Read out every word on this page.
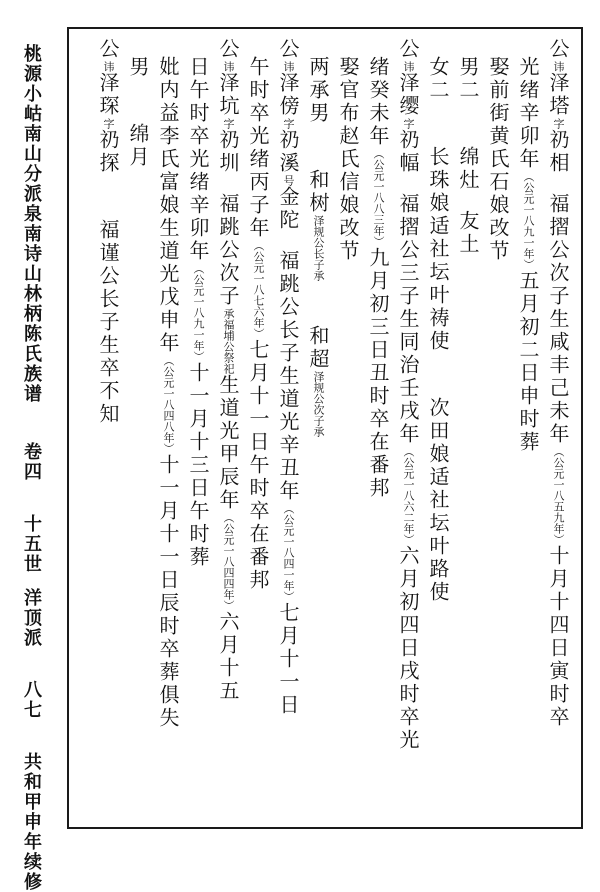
桃源小岵南山分派泉南诗山林柄陈氏族谱卷四十五世洋顶派八七共和甲申年续修
公讳泽塔字礽相福摺公次子生咸丰己未年（公元一八五九年）十月十四日寅时卒
光绪辛卯年（公元一八九一年）五月初二日申时葬
娶前街黄氏石娘改节
男二绵灶友土
女二长珠娘适社坛叶祷使次田娘适社坛叶路使
公讳泽缨字礽幅福摺公三子生同治壬戌年（公元一八六二年）六月初四日戌时卒光
绪癸未年（公元一八八三年）九月初三日丑时卒在番邦
娶官布赵氏信娘改节
两承男和树泽规公长子承和超泽规公次子承
公讳泽傍字礽溪号金陀福跳公长子生道光辛丑年（公元一八四一年）七月十一日
午时卒光绪丙子年（公元一八七六年）七月十一日午时卒在番邦
公讳泽坑字礽圳福跳公次子承福埔公祭祀生道光甲辰年（公元一八四四年）六月十五
日午时卒光绪辛卯年（公元一八九一年）十一月十三日午时葬
妣内益李氏富娘生道光戊申年（公元一八四八年）十一月十一日辰时卒葬俱失
男绵月
公讳泽琛字礽探福谨公长子生卒不知
